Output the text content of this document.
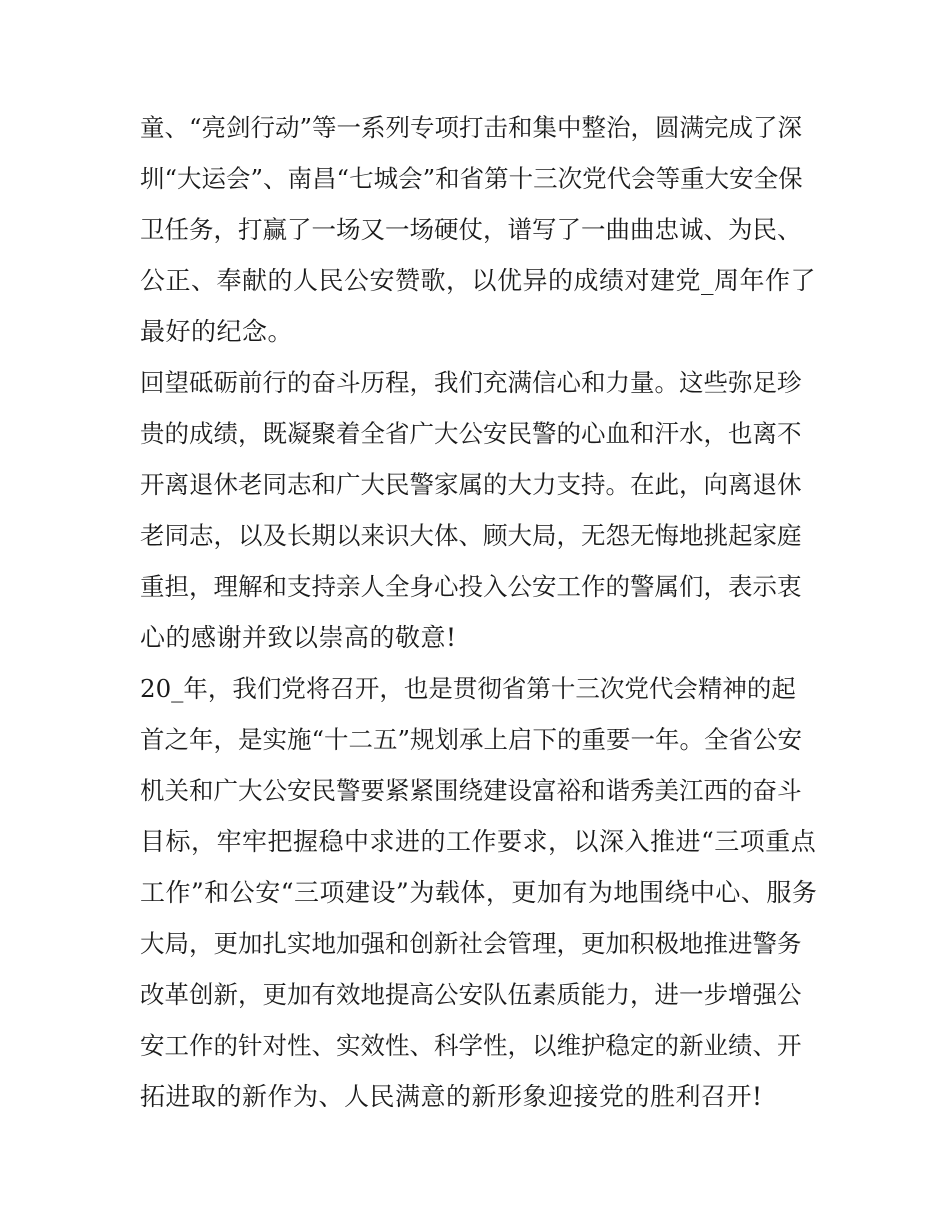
童、“亮剑行动”等一系列专项打击和集中整治，圆满完成了深
圳“大运会”、南昌“七城会”和省第十三次党代会等重大安全保
卫任务，打赢了一场又一场硬仗，谱写了一曲曲忠诚、为民、
公正、奉献的人民公安赞歌，以优异的成绩对建党_周年作了
最好的纪念。
回望砥砺前行的奋斗历程，我们充满信心和力量。这些弥足珍
贵的成绩，既凝聚着全省广大公安民警的心血和汗水，也离不
开离退休老同志和广大民警家属的大力支持。在此，向离退休
老同志，以及长期以来识大体、顾大局，无怨无悔地挑起家庭
重担，理解和支持亲人全身心投入公安工作的警属们，表示衷
心的感谢并致以崇高的敬意!
20_年，我们党将召开，也是贯彻省第十三次党代会精神的起
首之年，是实施“十二五”规划承上启下的重要一年。全省公安
机关和广大公安民警要紧紧围绕建设富裕和谐秀美江西的奋斗
目标，牢牢把握稳中求进的工作要求，以深入推进“三项重点
工作”和公安“三项建设”为载体，更加有为地围绕中心、服务
大局，更加扎实地加强和创新社会管理，更加积极地推进警务
改革创新，更加有效地提高公安队伍素质能力，进一步增强公
安工作的针对性、实效性、科学性，以维护稳定的新业绩、开
拓进取的新作为、人民满意的新形象迎接党的胜利召开!
